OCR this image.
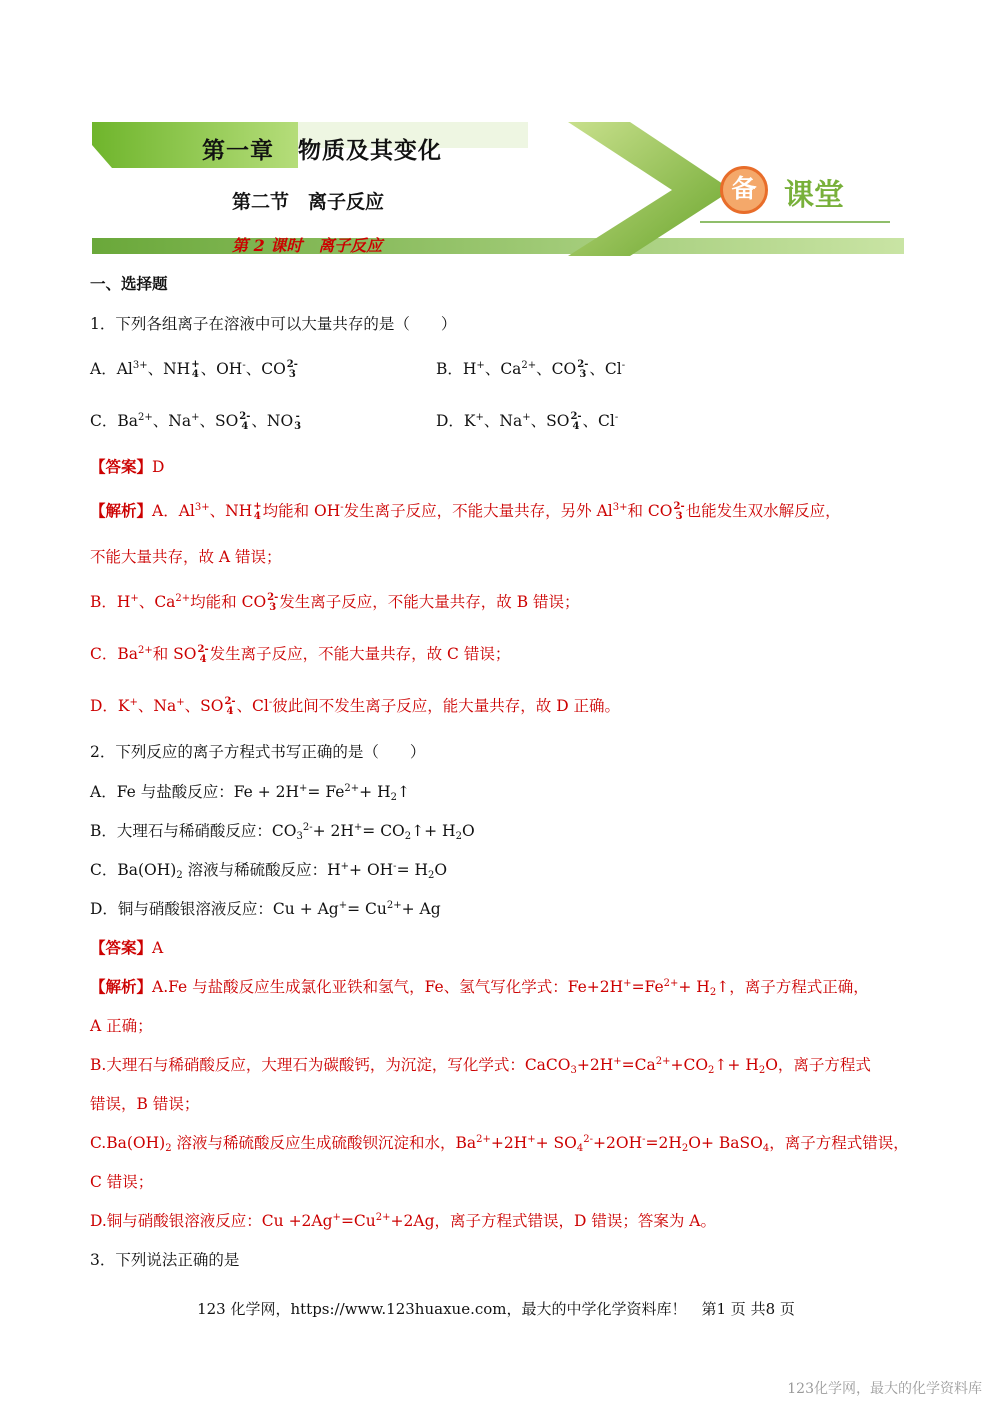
第一章　物质及其变化
第二节　离子反应
第 2 课时　离子反应
备 课堂
一、选择题
1．下列各组离子在溶液中可以大量共存的是（　　）
A．$Al^{3+}$、NH +
4 、OH-、CO 2-
3	B．H+、$Ca^{2+}$、CO 2-
3 、Cl-
C．$Ba^{2+}$、Na+、SO 2-
4 、NO -
3	D．K+、Na+、SO 2-
4 、Cl-
【答案】D
【解析】A．$Al^{3+}$、NH +
4 均能和 OH-发生离子反应，不能大量共存，另外 $Al^{3+}$和 CO 2-
3 也能发生双水解反应，
不能大量共存，故 A 错误；
B．H+、$Ca^{2+}$均能和 CO 2-
3 发生离子反应，不能大量共存，故 B 错误；
C．$Ba^{2+}$和 SO 2-
4 发生离子反应，不能大量共存，故 C 错误；
D．K+、Na+、SO 2-
4 、Cl-彼此间不发生离子反应，能大量共存，故 D 正确。
2．下列反应的离子方程式书写正确的是（　　）
A．Fe 与盐酸反应：$Fe + 2H^+= Fe^{2+}+$ $H_2↑$
B．大理石与稀硝酸反应：$CO_3^{2-}+ 2H^+=$ $CO_2↑+ H_2O$
C．$Ba(OH)_2$ 溶液与稀硫酸反应：$H^++ OH^-= H_2O$
D．铜与硝酸银溶液反应：$Cu + Ag^+= Cu^{2+}+ Ag$
【答案】A
【解析】A.Fe 与盐酸反应生成氯化亚铁和氢气，Fe、氢气写化学式：$Fe+2H^+=Fe^{2+}+$ $H_2↑$，离子方程式正确，
A 正确；
B.大理石与稀硝酸反应，大理石为碳酸钙，为沉淀，写化学式：$CaCO_3+2H^+=Ca^{2+}+CO_2↑+ H_2O$，离子方程式
错误，B 错误；
$C.Ba(OH)_2$ 溶液与稀硫酸反应生成硫酸钡沉淀和水，$Ba^{2+}+2H^++ SO_4^{2-}+2OH^-=2H_2O+$ BaSO$_4$，离子方程式错误，
C 错误；
D.铜与硝酸银溶液反应：$Cu +2Ag^+=Cu^{2+}+2Ag$，离子方程式错误，D 错误；答案为 A。
3．下列说法正确的是
123 化学网，https://www.123huaxue.com，最大的中学化学资料库！　第1 页 共8 页
123化学网，最大的化学资料库
